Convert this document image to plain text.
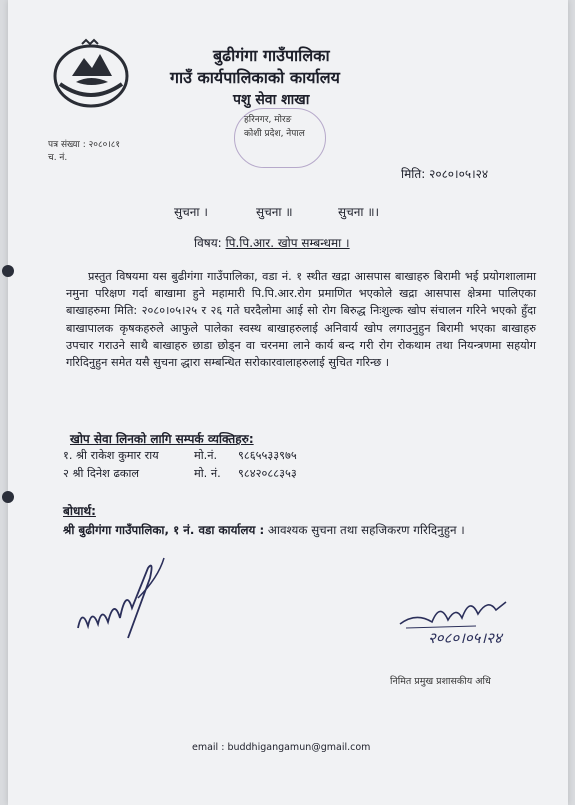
बुढीगंगा गाउँपालिका
गाउँ कार्यपालिकाको कार्यालय
पशु सेवा शाखा
हरिनगर, मोरङ
कोशी प्रदेश, नेपाल
पत्र संख्या : २०८०।८१
च. नं.
मिति: २०८०।०५।२४
सुचना ।	सुचना ॥	सुचना ॥।
विषय: पि.पि.आर. खोप सम्बन्धमा ।
प्रस्तुत विषयमा यस बुढीगंगा गाउँपालिका, वडा नं. १ स्थीत खद्रा आसपास बाखाहरु बिरामी भई प्रयोगशालामा नमुना परिक्षण गर्दा बाखामा हुने महामारी पि.पि.आर.रोग प्रमाणित भएकोले खद्रा आसपास क्षेत्रमा पालिएका बाखाहरुमा मिति: २०८०।०५।२५ र २६ गते घरदैलोमा आई सो रोग बिरुद्ध निःशुल्क खोप संचालन गरिने भएको हुँदा बाखापालक कृषकहरुले आफुले पालेका स्वस्थ बाखाहरुलाई अनिवार्य खोप लगाउनुहुन बिरामी भएका बाखाहरु उपचार गराउने साथै बाखाहरु छाडा छोड्न वा चरनमा लाने कार्य बन्द गरी रोग रोकथाम तथा नियन्त्रणमा सहयोग गरिदिनुहुन समेत यसै सुचना द्धारा सम्बन्धित सरोकारवालाहरुलाई सुचित गरिन्छ ।
खोप सेवा लिनको लागि सम्पर्क व्यक्तिहरु:
१. श्री राकेश कुमार राय	मो.नं. ९८६५५३३९७५
२ श्री दिनेश ढकाल	मो. नं. ९८४२०८८३५३
बोधार्थ:
श्री बुढीगंगा गाउँपालिका, १ नं. वडा कार्यालय : आवश्यक सुचना तथा सहजिकरण गरिदिनुहुन ।
२०८०।०५।२४
निमित प्रमुख प्रशासकीय अधि
email : buddhigangamun@gmail.com
